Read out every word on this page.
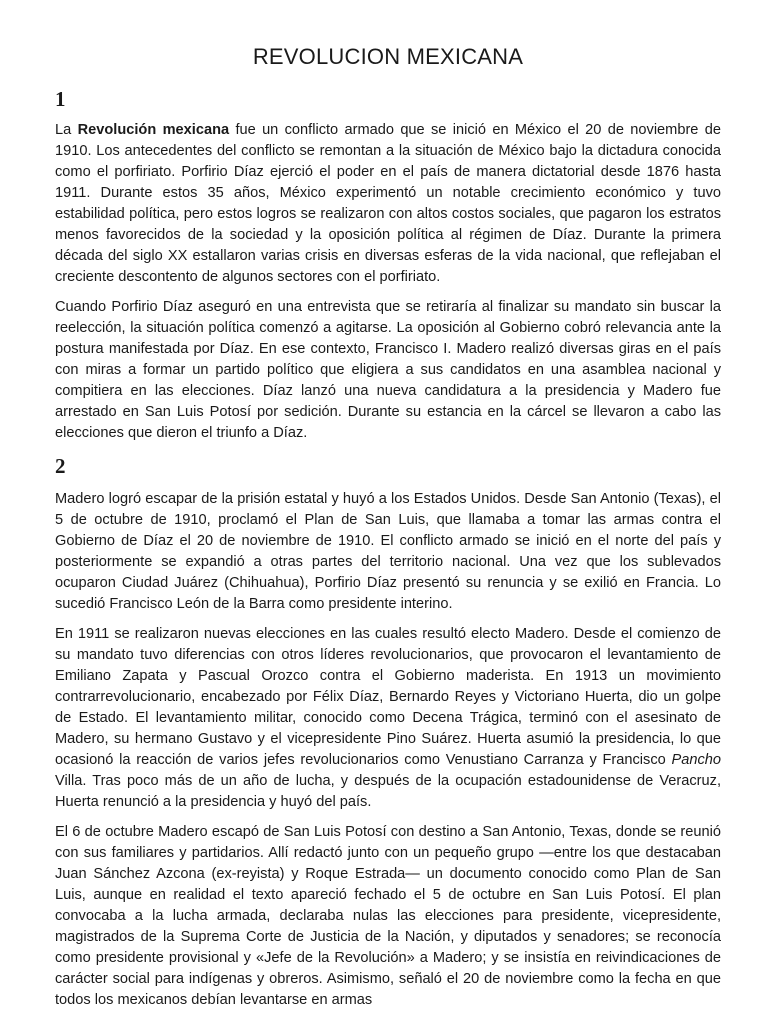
REVOLUCION MEXICANA
1

La Revolución mexicana fue un conflicto armado que se inició en México el 20 de noviembre de 1910. Los antecedentes del conflicto se remontan a la situación de México bajo la dictadura conocida como el porfiriato. Porfirio Díaz ejerció el poder en el país de manera dictatorial desde 1876 hasta 1911. Durante estos 35 años, México experimentó un notable crecimiento económico y tuvo estabilidad política, pero estos logros se realizaron con altos costos sociales, que pagaron los estratos menos favorecidos de la sociedad y la oposición política al régimen de Díaz. Durante la primera década del siglo XX estallaron varias crisis en diversas esferas de la vida nacional, que reflejaban el creciente descontento de algunos sectores con el porfiriato.

Cuando Porfirio Díaz aseguró en una entrevista que se retiraría al finalizar su mandato sin buscar la reelección, la situación política comenzó a agitarse. La oposición al Gobierno cobró relevancia ante la postura manifestada por Díaz. En ese contexto, Francisco I. Madero realizó diversas giras en el país con miras a formar un partido político que eligiera a sus candidatos en una asamblea nacional y compitiera en las elecciones. Díaz lanzó una nueva candidatura a la presidencia y Madero fue arrestado en San Luis Potosí por sedición. Durante su estancia en la cárcel se llevaron a cabo las elecciones que dieron el triunfo a Díaz.

2

Madero logró escapar de la prisión estatal y huyó a los Estados Unidos. Desde San Antonio (Texas), el 5 de octubre de 1910, proclamó el Plan de San Luis, que llamaba a tomar las armas contra el Gobierno de Díaz el 20 de noviembre de 1910. El conflicto armado se inició en el norte del país y posteriormente se expandió a otras partes del territorio nacional. Una vez que los sublevados ocuparon Ciudad Juárez (Chihuahua), Porfirio Díaz presentó su renuncia y se exilió en Francia. Lo sucedió Francisco León de la Barra como presidente interino.

En 1911 se realizaron nuevas elecciones en las cuales resultó electo Madero. Desde el comienzo de su mandato tuvo diferencias con otros líderes revolucionarios, que provocaron el levantamiento de Emiliano Zapata y Pascual Orozco contra el Gobierno maderista. En 1913 un movimiento contrarrevolucionario, encabezado por Félix Díaz, Bernardo Reyes y Victoriano Huerta, dio un golpe de Estado. El levantamiento militar, conocido como Decena Trágica, terminó con el asesinato de Madero, su hermano Gustavo y el vicepresidente Pino Suárez. Huerta asumió la presidencia, lo que ocasionó la reacción de varios jefes revolucionarios como Venustiano Carranza y Francisco Pancho Villa. Tras poco más de un año de lucha, y después de la ocupación estadounidense de Veracruz, Huerta renunció a la presidencia y huyó del país.

El 6 de octubre Madero escapó de San Luis Potosí con destino a San Antonio, Texas, donde se reunió con sus familiares y partidarios. Allí redactó junto con un pequeño grupo —entre los que destacaban Juan Sánchez Azcona (ex-reyista) y Roque Estrada— un documento conocido como Plan de San Luis, aunque en realidad el texto apareció fechado el 5 de octubre en San Luis Potosí. El plan convocaba a la lucha armada, declaraba nulas las elecciones para presidente, vicepresidente, magistrados de la Suprema Corte de Justicia de la Nación, y diputados y senadores; se reconocía como presidente provisional y «Jefe de la Revolución» a Madero; y se insistía en reivindicaciones de carácter social para indígenas y obreros. Asimismo, señaló el 20 de noviembre como la fecha en que todos los mexicanos debían levantarse en armas
